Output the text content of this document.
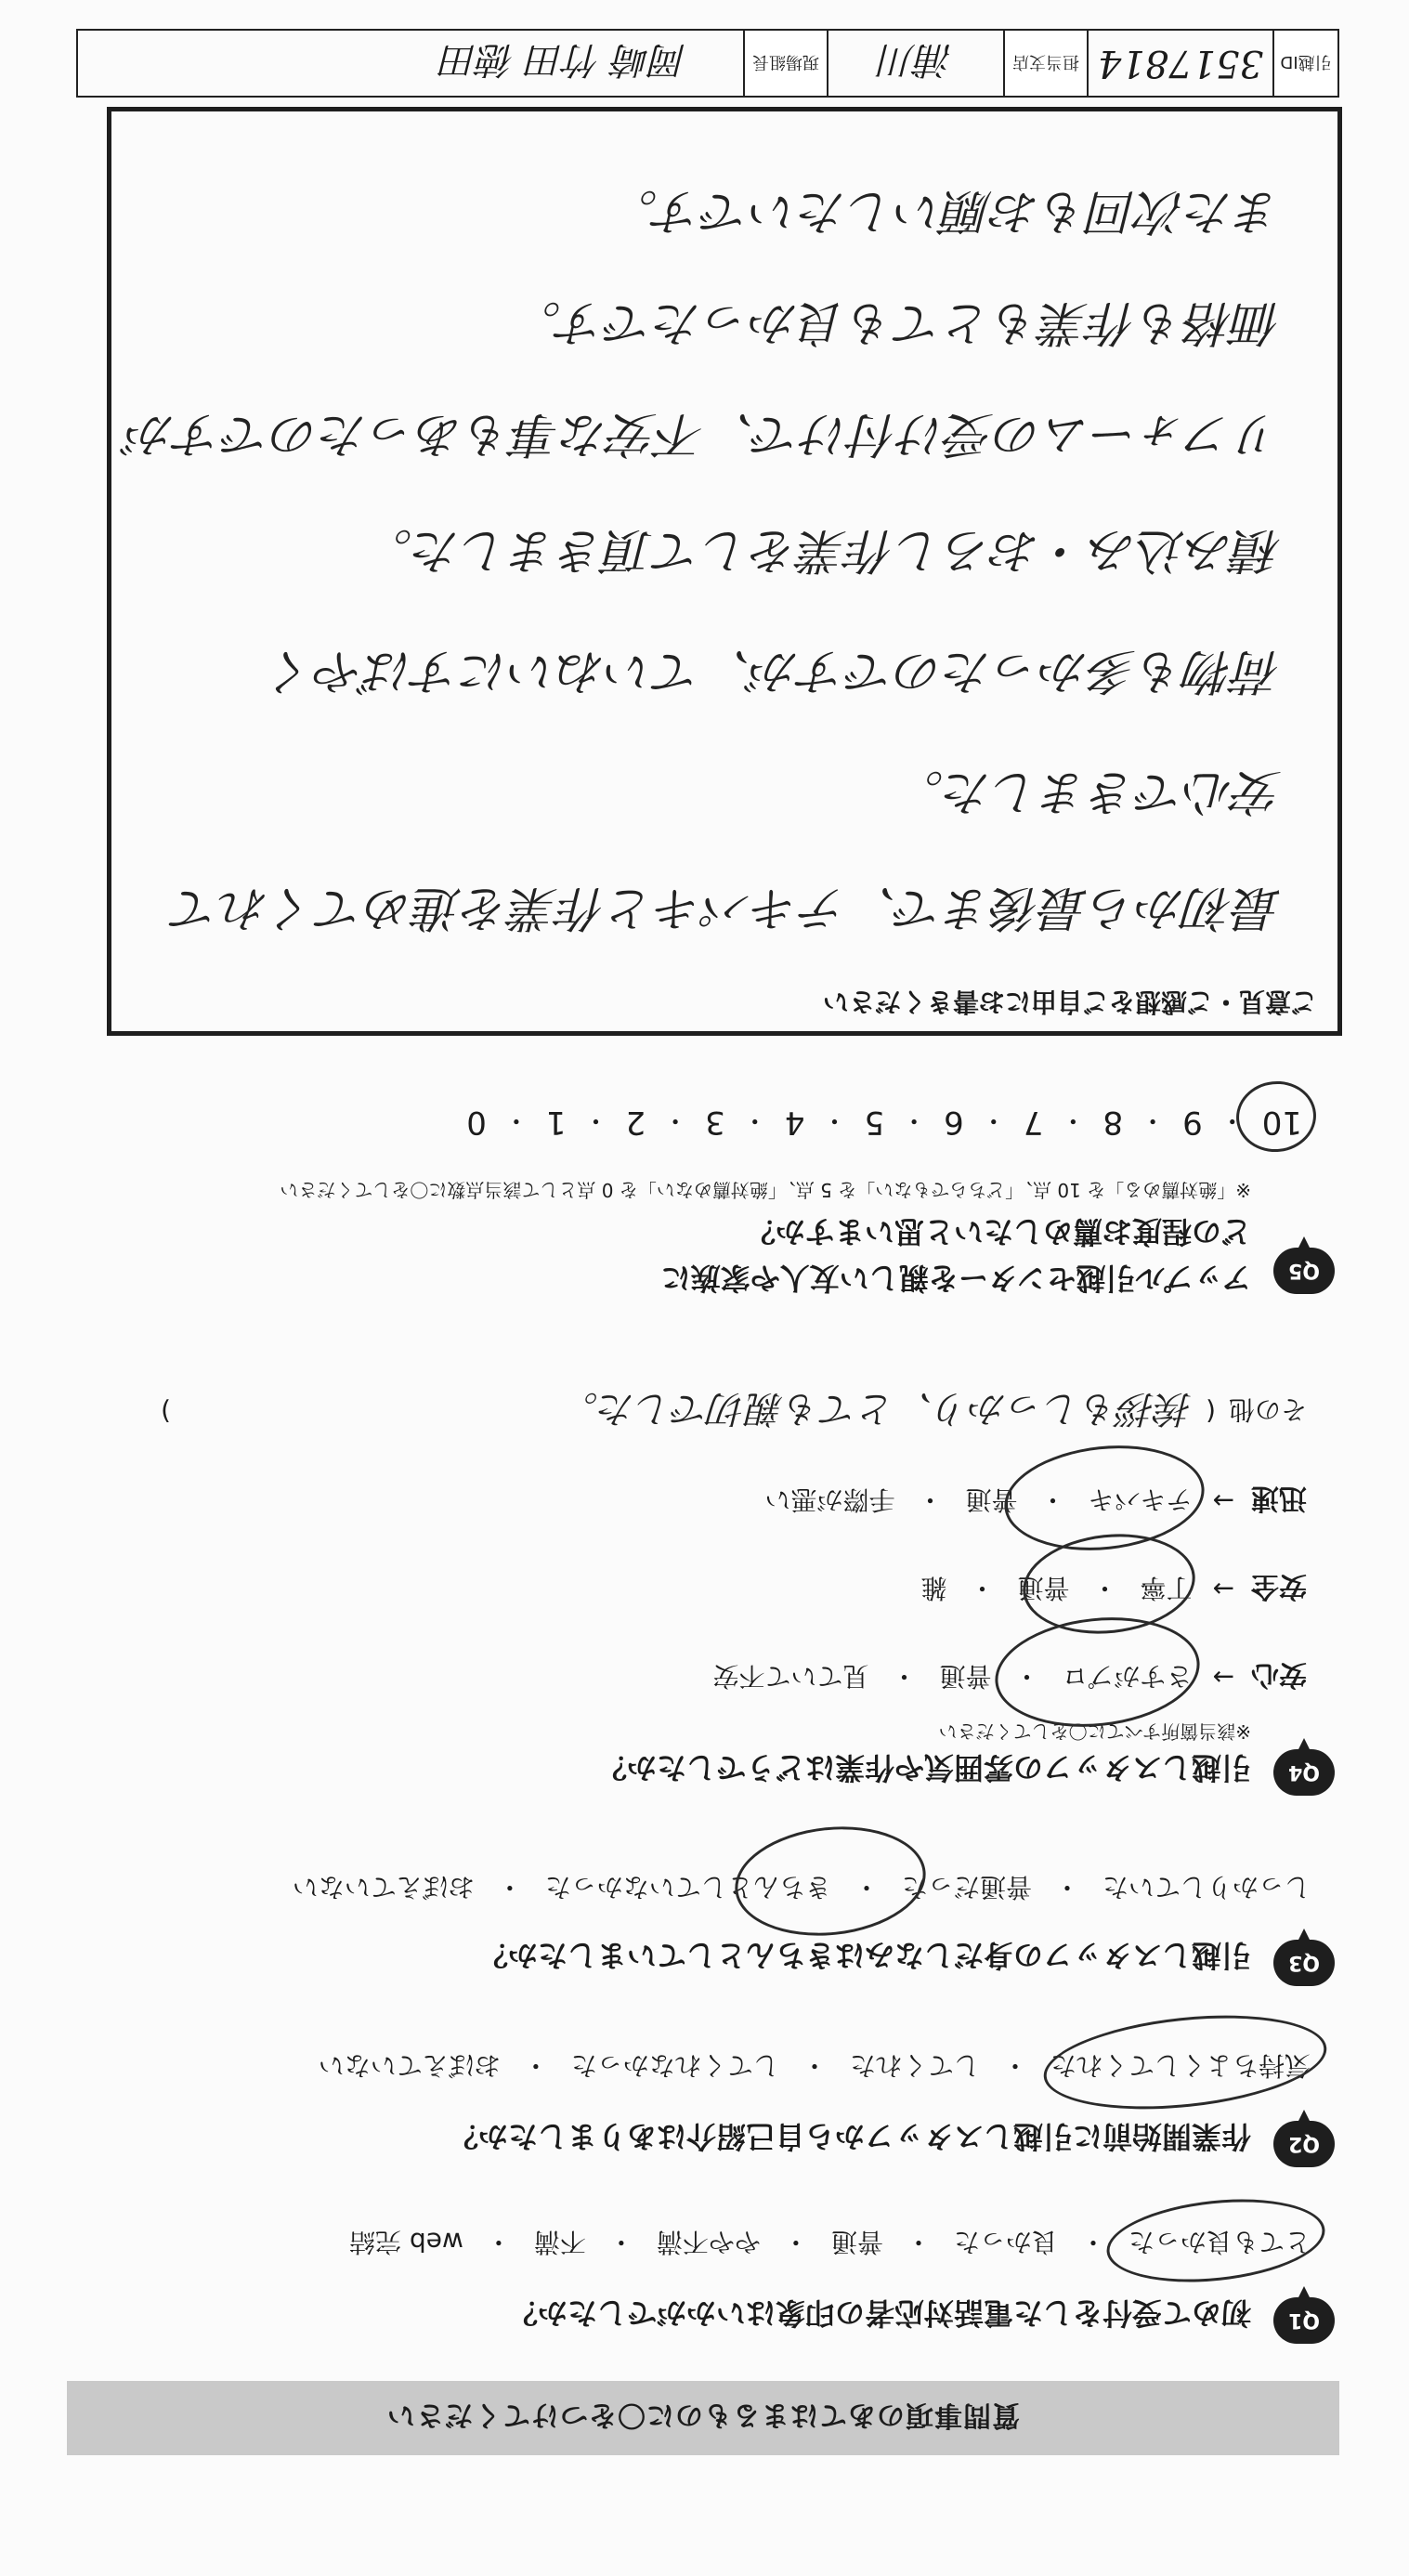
質問事項のあてはまるものに〇をつけてください
Q1
初めて受付をした電話対応者の印象はいかがでしたか？
とても良かった
・
良かった
・
普通
・
やや不満
・
不満
・
web 完結
Q2
作業開始前に引越しスタッフから自己紹介はありましたか？
気持ちよくしてくれた
・
してくれた
・
してくれなかった
・
おぼえていない
Q3
引越しスタッフの身だしなみはきちんとしていましたか？
しっかりしていた
・
普通だった
・
きちんとしていなかった
・
おぼえていない
Q4
引越しスタッフの雰囲気や作業はどうでしたか？
※該当箇所すべてに〇をしてください
安心
→
さすがプロ
・
普通
・
見ていて不安
安全
→
丁寧
・
普通
・
雑
迅速
→
テキパキ
・
普通
・
手際が悪い
その他
(
挨拶もしっかり、とても親切でした。
)
Q5
アップル引越センターを親しい友人や家族に
どの程度お薦めしたいと思いますか？
※「絶対薦める」を 10 点、「どちらでもない」を 5 点、「絶対薦めない」を 0 点として該当点数に〇をしてください
10
・
9
・
8
・
7
・
6
・
5
・
4
・
3
・
2
・
1
・
0
ご意見・ご感想をご自由にお書きください
最初から最後まで、テキパキと作業を進めてくれて
安心できました。
荷物も多かったのですが、ていねいにすばやく
積み込み・おろし作業をして頂きました。
リフォームの受け付けで、不安な事もあったのですが
価格も作業もとても良かったです。
また次回もお願いしたいです。
引越ID
3517814
担当支店
浦川
現場組長
岡崎 竹田 徳田
